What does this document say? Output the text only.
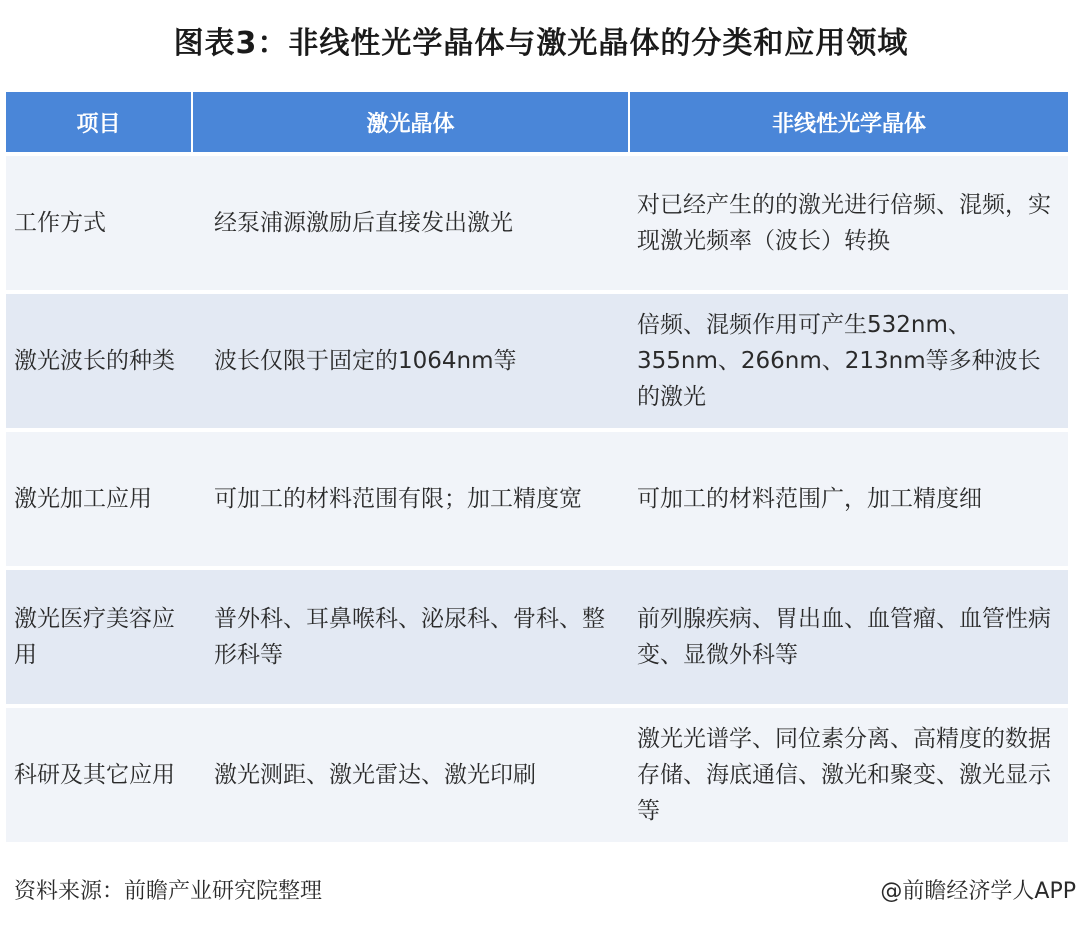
图表3：非线性光学晶体与激光晶体的分类和应用领域
项目	激光晶体	非线性光学晶体
工作方式	经泵浦源激励后直接发出激光	对已经产生的的激光进行倍频、混频，实现激光频率（波长）转换
激光波长的种类	波长仅限于固定的1064nm等	倍频、混频作用可产生532nm、355nm、266nm、213nm等多种波长的激光
激光加工应用	可加工的材料范围有限；加工精度宽	可加工的材料范围广，加工精度细
激光医疗美容应用	普外科、耳鼻喉科、泌尿科、骨科、整形科等	前列腺疾病、胃出血、血管瘤、血管性病变、显微外科等
科研及其它应用	激光测距、激光雷达、激光印刷	激光光谱学、同位素分离、高精度的数据存储、海底通信、激光和聚变、激光显示等
资料来源：前瞻产业研究院整理	@前瞻经济学人APP
